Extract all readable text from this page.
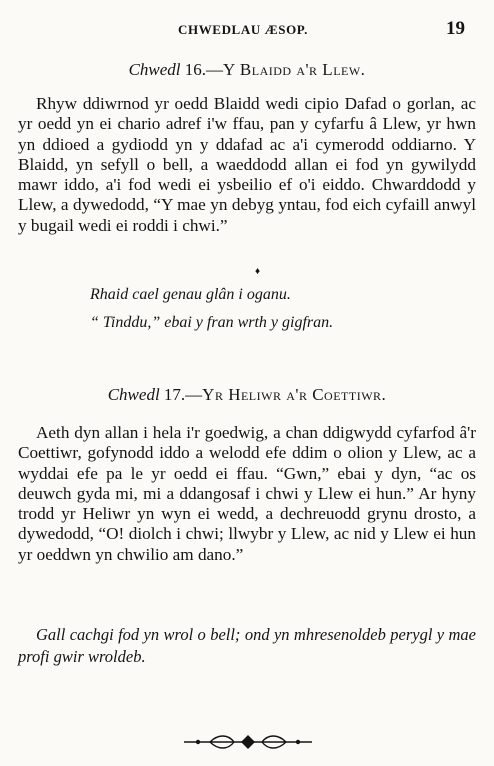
CHWEDLAU ÆSOP.	19
Chwedl 16.—Y Blaidd a'r Llew.

Rhyw ddiwrnod yr oedd Blaidd wedi cipio Dafad o gorlan, ac yr oedd yn ei chario adref i'w ffau, pan y cyfarfu â Llew, yr hwn yn ddioed a gydiodd yn y ddafad ac a'i cymerodd oddiarno. Y Blaidd, yn sefyll o bell, a waeddodd allan ei fod yn gywilydd mawr iddo, a'i fod wedi ei ysbeilio ef o'i eiddo. Chwarddodd y Llew, a dywedodd, “Y mae yn debyg yntau, fod eich cyfaill anwyl y bugail wedi ei roddi i chwi.”

♦
Rhaid cael genau glân i oganu.
“ Tinddu,” ebai y fran wrth y gigfran.
Chwedl 17.—Yr Heliwr a'r Coettiwr.

Aeth dyn allan i hela i'r goedwig, a chan ddigwydd cyfarfod â'r Coettiwr, gofynodd iddo a welodd efe ddim o olion y Llew, ac a wyddai efe pa le yr oedd ei ffau. “Gwn,” ebai y dyn, “ac os deuwch gyda mi, mi a ddangosaf i chwi y Llew ei hun.” Ar hyny trodd yr Heliwr yn wyn ei wedd, a dechreuodd grynu drosto, a dywedodd, “O! diolch i chwi; llwybr y Llew, ac nid y Llew ei hun yr oeddwn yn chwilio am dano.”

Gall cachgi fod yn wrol o bell; ond yn mhresenoldeb perygl y mae profi gwir wroldeb.
